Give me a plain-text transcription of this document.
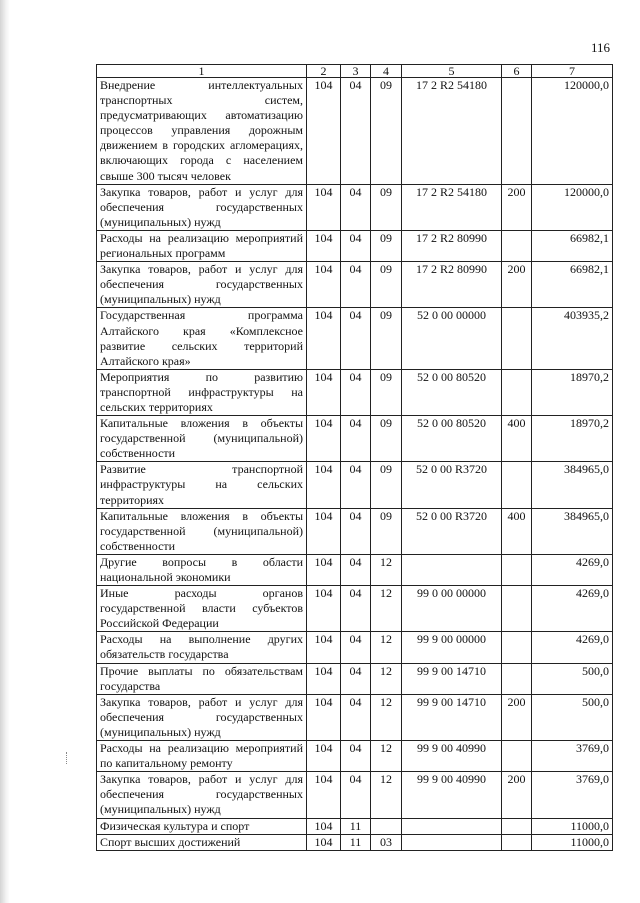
116
1	2	3	4	5	6	7
Внедрение интеллектуальных транспортных систем, предусматривающих автоматизацию процессов управления дорожным движением в городских агломерациях, включающих города с населением свыше 300 тысяч человек	104	04	09	17 2 R2 54180		120000,0
Закупка товаров, работ и услуг для обеспечения государственных (муниципальных) нужд	104	04	09	17 2 R2 54180	200	120000,0
Расходы на реализацию мероприятий региональных программ	104	04	09	17 2 R2 80990		66982,1
Закупка товаров, работ и услуг для обеспечения государственных (муниципальных) нужд	104	04	09	17 2 R2 80990	200	66982,1
Государственная программа Алтайского края «Комплексное развитие сельских территорий Алтайского края»	104	04	09	52 0 00 00000		403935,2
Мероприятия по развитию транспортной инфраструктуры на сельских территориях	104	04	09	52 0 00 80520		18970,2
Капитальные вложения в объекты государственной (муниципальной) собственности	104	04	09	52 0 00 80520	400	18970,2
Развитие транспортной инфраструктуры на сельских территориях	104	04	09	52 0 00 R3720		384965,0
Капитальные вложения в объекты государственной (муниципальной) собственности	104	04	09	52 0 00 R3720	400	384965,0
Другие вопросы в области национальной экономики	104	04	12			4269,0
Иные расходы органов государственной власти субъектов Российской Федерации	104	04	12	99 0 00 00000		4269,0
Расходы на выполнение других обязательств государства	104	04	12	99 9 00 00000		4269,0
Прочие выплаты по обязательствам государства	104	04	12	99 9 00 14710		500,0
Закупка товаров, работ и услуг для обеспечения государственных (муниципальных) нужд	104	04	12	99 9 00 14710	200	500,0
Расходы на реализацию мероприятий по капитальному ремонту	104	04	12	99 9 00 40990		3769,0
Закупка товаров, работ и услуг для обеспечения государственных (муниципальных) нужд	104	04	12	99 9 00 40990	200	3769,0
Физическая культура и спорт	104	11				11000,0
Спорт высших достижений	104	11	03			11000,0
